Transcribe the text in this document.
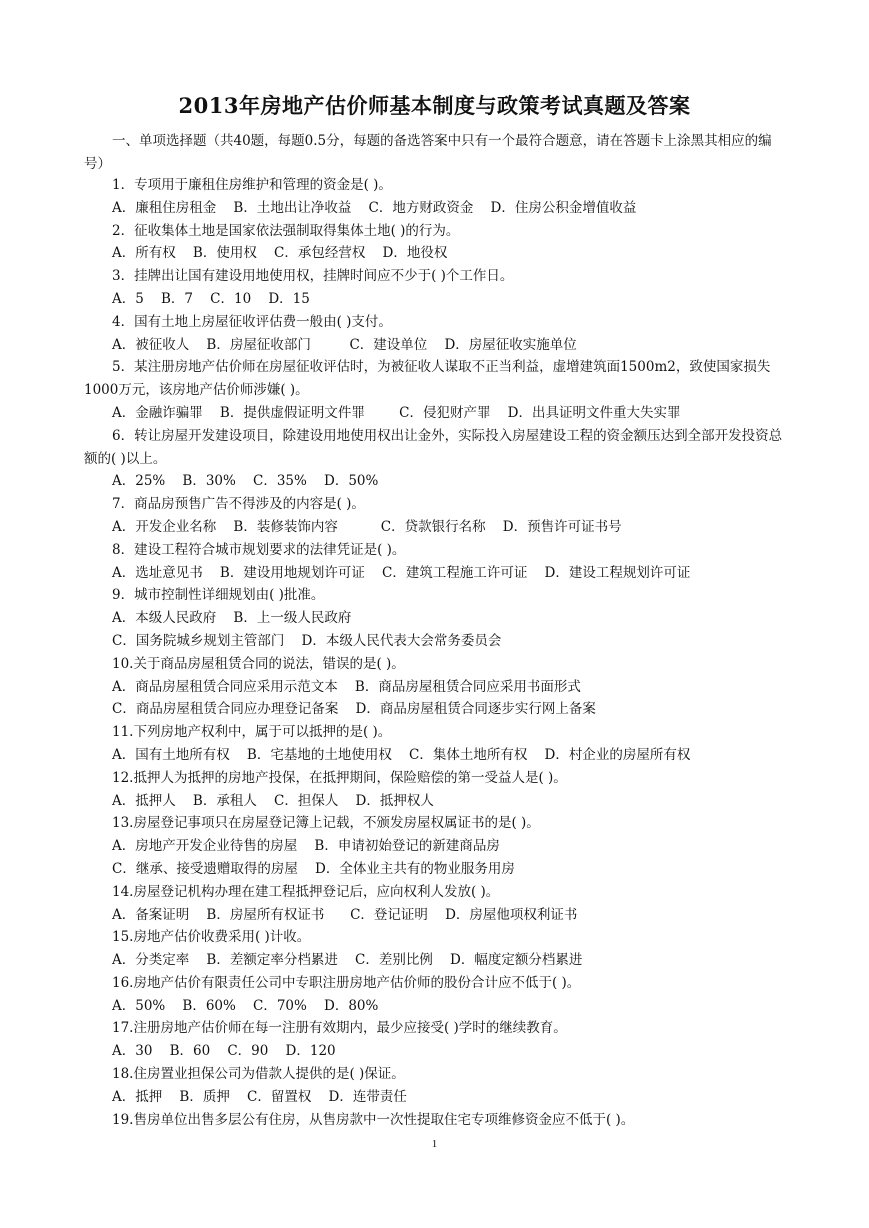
2013年房地产估价师基本制度与政策考试真题及答案
一、单项选择题（共40题，每题0.5分，每题的备选答案中只有一个最符合题意，请在答题卡上涂黑其相应的编号）

1．专项用于廉租住房维护和管理的资金是( )。

A．廉租住房租金    B．土地出让净收益    C．地方财政资金    D．住房公积金增值收益

2．征收集体土地是国家依法强制取得集体土地( )的行为。

A．所有权    B．使用权    C．承包经营权    D．地役权

3．挂牌出让国有建设用地使用权，挂牌时间应不少于( )个工作日。

A．5    B．7    C．10    D．15

4．国有土地上房屋征收评估费一般由( )支付。

A．被征收人    B．房屋征收部门         C．建设单位    D．房屋征收实施单位

5．某注册房地产估价师在房屋征收评估时，为被征收人谋取不正当利益，虚增建筑面1500m2，致使国家损失1000万元，该房地产估价师涉嫌( )。

A．金融诈骗罪    B．提供虚假证明文件罪        C．侵犯财产罪    D．出具证明文件重大失实罪

6．转让房屋开发建设项目，除建设用地使用权出让金外，实际投入房屋建设工程的资金额压达到全部开发投资总额的( )以上。

A．25%    B．30%    C．35%    D．50%

7．商品房预售广告不得涉及的内容是( )。

A．开发企业名称    B．装修装饰内容          C．贷款银行名称    D．预售许可证书号

8．建设工程符合城市规划要求的法律凭证是( )。

A．选址意见书    B．建设用地规划许可证    C．建筑工程施工许可证    D．建设工程规划许可证

9．城市控制性详细规划由( )批准。

A．本级人民政府    B．上一级人民政府

C．国务院城乡规划主管部门    D．本级人民代表大会常务委员会

10.关于商品房屋租赁合同的说法，错误的是( )。

A．商品房屋租赁合同应采用示范文本    B．商品房屋租赁合同应采用书面形式

C．商品房屋租赁合同应办理登记备案    D．商品房屋租赁合同逐步实行网上备案

11.下列房地产权利中，属于可以抵押的是( )。

A．国有土地所有权    B．宅基地的土地使用权    C．集体土地所有权    D．村企业的房屋所有权

12.抵押人为抵押的房地产投保，在抵押期间，保险赔偿的第一受益人是( )。

A．抵押人    B．承租人    C．担保人    D．抵押权人

13.房屋登记事项只在房屋登记簿上记载，不颁发房屋权属证书的是( )。

A．房地产开发企业待售的房屋    B．申请初始登记的新建商品房

C．继承、接受遗赠取得的房屋    D．全体业主共有的物业服务用房

14.房屋登记机构办理在建工程抵押登记后，应向权利人发放( )。

A．备案证明    B．房屋所有权证书      C．登记证明    D．房屋他项权利证书

15.房地产估价收费采用( )计收。

A．分类定率    B．差额定率分档累进    C．差别比例    D．幅度定额分档累进

16.房地产估价有限责任公司中专职注册房地产估价师的股份合计应不低于( )。

A．50%    B．60%    C．70%    D．80%

17.注册房地产估价师在每一注册有效期内，最少应接受( )学时的继续教育。

A．30    B．60    C．90    D．120

18.住房置业担保公司为借款人提供的是( )保证。

A．抵押    B．质押    C．留置权    D．连带责任

19.售房单位出售多层公有住房，从售房款中一次性提取住宅专项维修资金应不低于( )。

1
